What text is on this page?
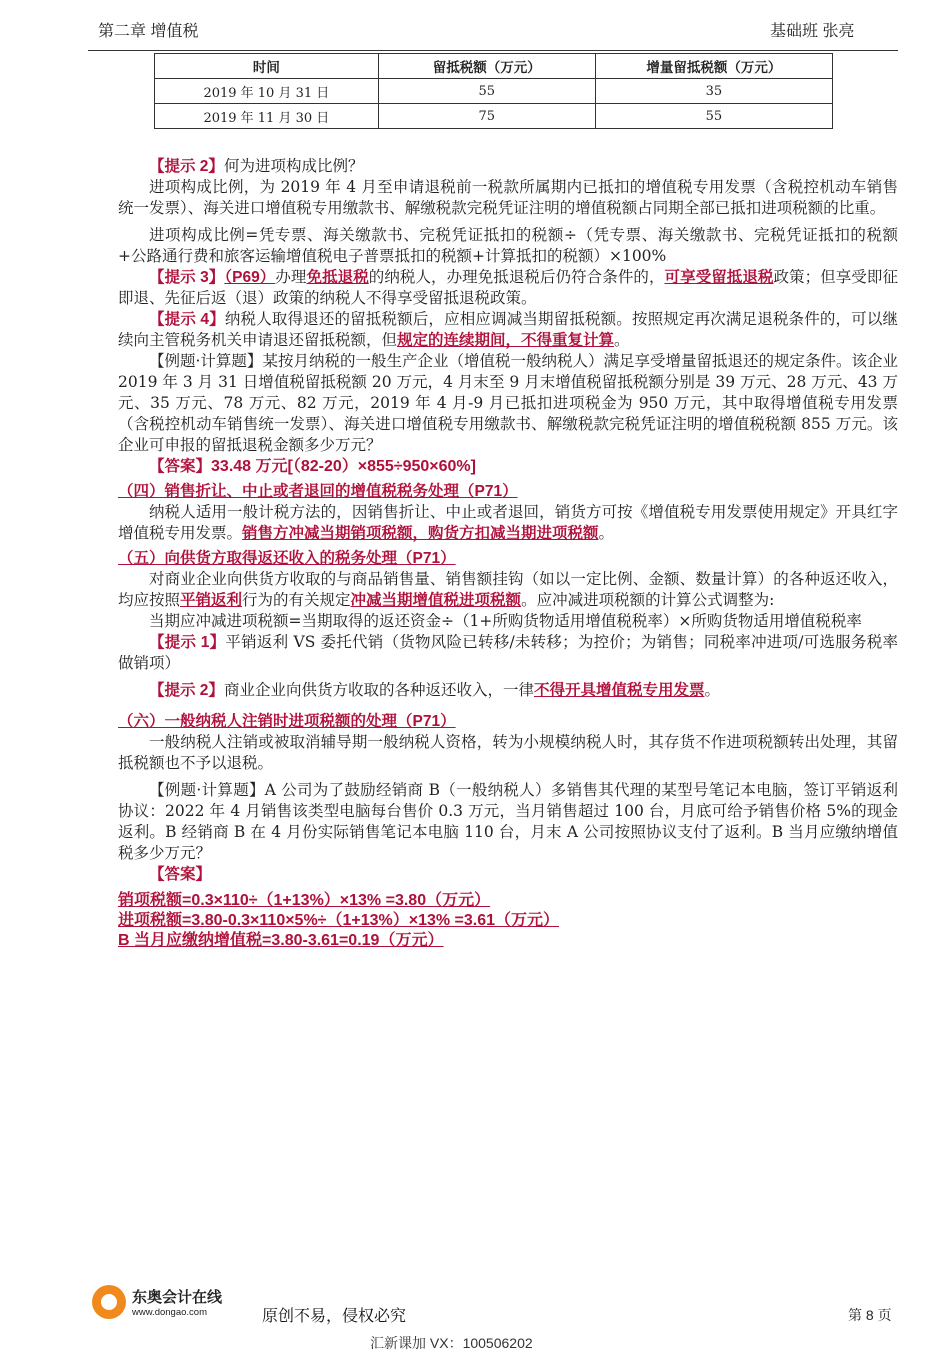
第二章 增值税	基础班 张亮
时间	留抵税额（万元）	增量留抵税额（万元）
2019 年 10 月 31 日	55	35
2019 年 11 月 30 日	75	55

【提示 2】何为进项构成比例？

进项构成比例，为 2019 年 4 月至申请退税前一税款所属期内已抵扣的增值税专用发票（含税控机动车销售统一发票）、海关进口增值税专用缴款书、解缴税款完税凭证注明的增值税额占同期全部已抵扣进项税额的比重。

进项构成比例=凭专票、海关缴款书、完税凭证抵扣的税额÷（凭专票、海关缴款书、完税凭证抵扣的税额+公路通行费和旅客运输增值税电子普票抵扣的税额+计算抵扣的税额）×100%

【提示 3】（P69）办理免抵退税的纳税人，办理免抵退税后仍符合条件的，可享受留抵退税政策；但享受即征即退、先征后返（退）政策的纳税人不得享受留抵退税政策。

【提示 4】纳税人取得退还的留抵税额后，应相应调减当期留抵税额。按照规定再次满足退税条件的，可以继续向主管税务机关申请退还留抵税额，但规定的连续期间，不得重复计算。

【例题·计算题】某按月纳税的一般生产企业（增值税一般纳税人）满足享受增量留抵退还的规定条件。该企业 2019 年 3 月 31 日增值税留抵税额 20 万元，4 月末至 9 月末增值税留抵税额分别是 39 万元、28 万元、43 万元、35 万元、78 万元、82 万元，2019 年 4 月-9 月已抵扣进项税金为 950 万元，其中取得增值税专用发票（含税控机动车销售统一发票）、海关进口增值税专用缴款书、解缴税款完税凭证注明的增值税税额 855 万元。该企业可申报的留抵退税金额多少万元？

【答案】33.48 万元[（82-20）×855÷950×60%]

（四）销售折让、中止或者退回的增值税税务处理（P71）

纳税人适用一般计税方法的，因销售折让、中止或者退回，销货方可按《增值税专用发票使用规定》开具红字增值税专用发票。销售方冲减当期销项税额，购货方扣减当期进项税额。

（五）向供货方取得返还收入的税务处理（P71）

对商业企业向供货方收取的与商品销售量、销售额挂钩（如以一定比例、金额、数量计算）的各种返还收入，均应按照平销返利行为的有关规定冲减当期增值税进项税额。应冲减进项税额的计算公式调整为:

当期应冲减进项税额=当期取得的返还资金÷（1+所购货物适用增值税税率）×所购货物适用增值税税率

【提示 1】平销返利 VS 委托代销（货物风险已转移/未转移；为控价；为销售；同税率冲进项/可选服务税率做销项）

【提示 2】商业企业向供货方收取的各种返还收入，一律不得开具增值税专用发票。

（六）一般纳税人注销时进项税额的处理（P71）

一般纳税人注销或被取消辅导期一般纳税人资格，转为小规模纳税人时，其存货不作进项税额转出处理，其留抵税额也不予以退税。

【例题·计算题】A 公司为了鼓励经销商 B（一般纳税人）多销售其代理的某型号笔记本电脑，签订平销返利协议：2022 年 4 月销售该类型电脑每台售价 0.3 万元，当月销售超过 100 台，月底可给予销售价格 5%的现金返利。B 经销商 B 在 4 月份实际销售笔记本电脑 110 台，月末 A 公司按照协议支付了返利。B 当月应缴纳增值税多少万元？

【答案】

销项税额=0.3×110÷（1+13%）×13% =3.80（万元）

进项税额=3.80-0.3×110×5%÷（1+13%）×13% =3.61（万元）

B 当月应缴纳增值税=3.80-3.61=0.19（万元）

东奥会计在线
www.dongao.com	原创不易，侵权必究	第 8 页
汇新课加 VX：100506202
